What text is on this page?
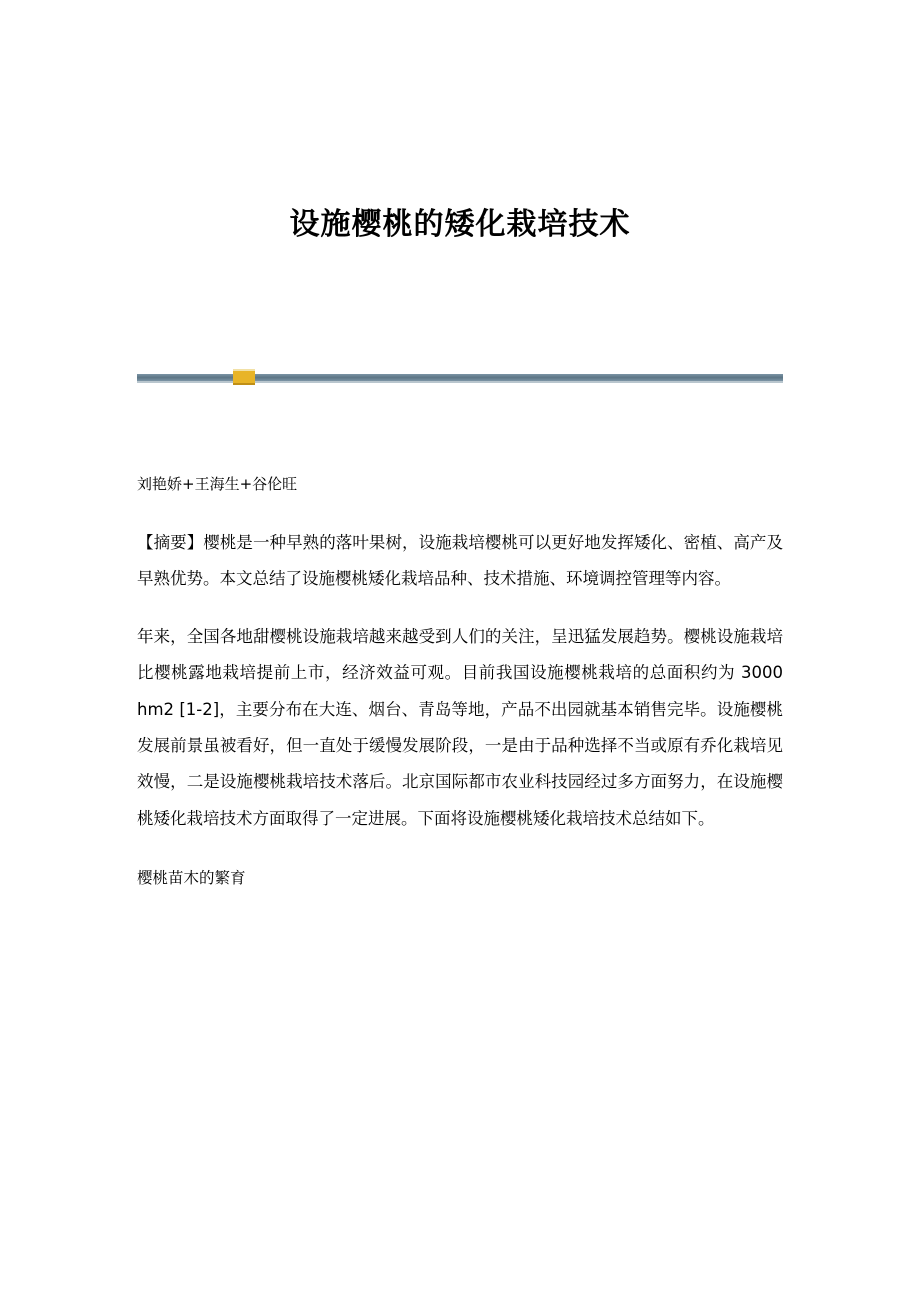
设施樱桃的矮化栽培技术
刘艳娇+王海生+谷伦旺

【摘要】樱桃是一种早熟的落叶果树，设施栽培樱桃可以更好地发挥矮化、密植、高产及早熟优势。本文总结了设施樱桃矮化栽培品种、技术措施、环境调控管理等内容。

年来，全国各地甜樱桃设施栽培越来越受到人们的关注，呈迅猛发展趋势。樱桃设施栽培比樱桃露地栽培提前上市，经济效益可观。目前我国设施樱桃栽培的总面积约为 3000 hm2 [1-2]，主要分布在大连、烟台、青岛等地，产品不出园就基本销售完毕。设施樱桃发展前景虽被看好，但一直处于缓慢发展阶段，一是由于品种选择不当或原有乔化栽培见效慢，二是设施樱桃栽培技术落后。北京国际都市农业科技园经过多方面努力，在设施樱桃矮化栽培技术方面取得了一定进展。下面将设施樱桃矮化栽培技术总结如下。

樱桃苗木的繁育
